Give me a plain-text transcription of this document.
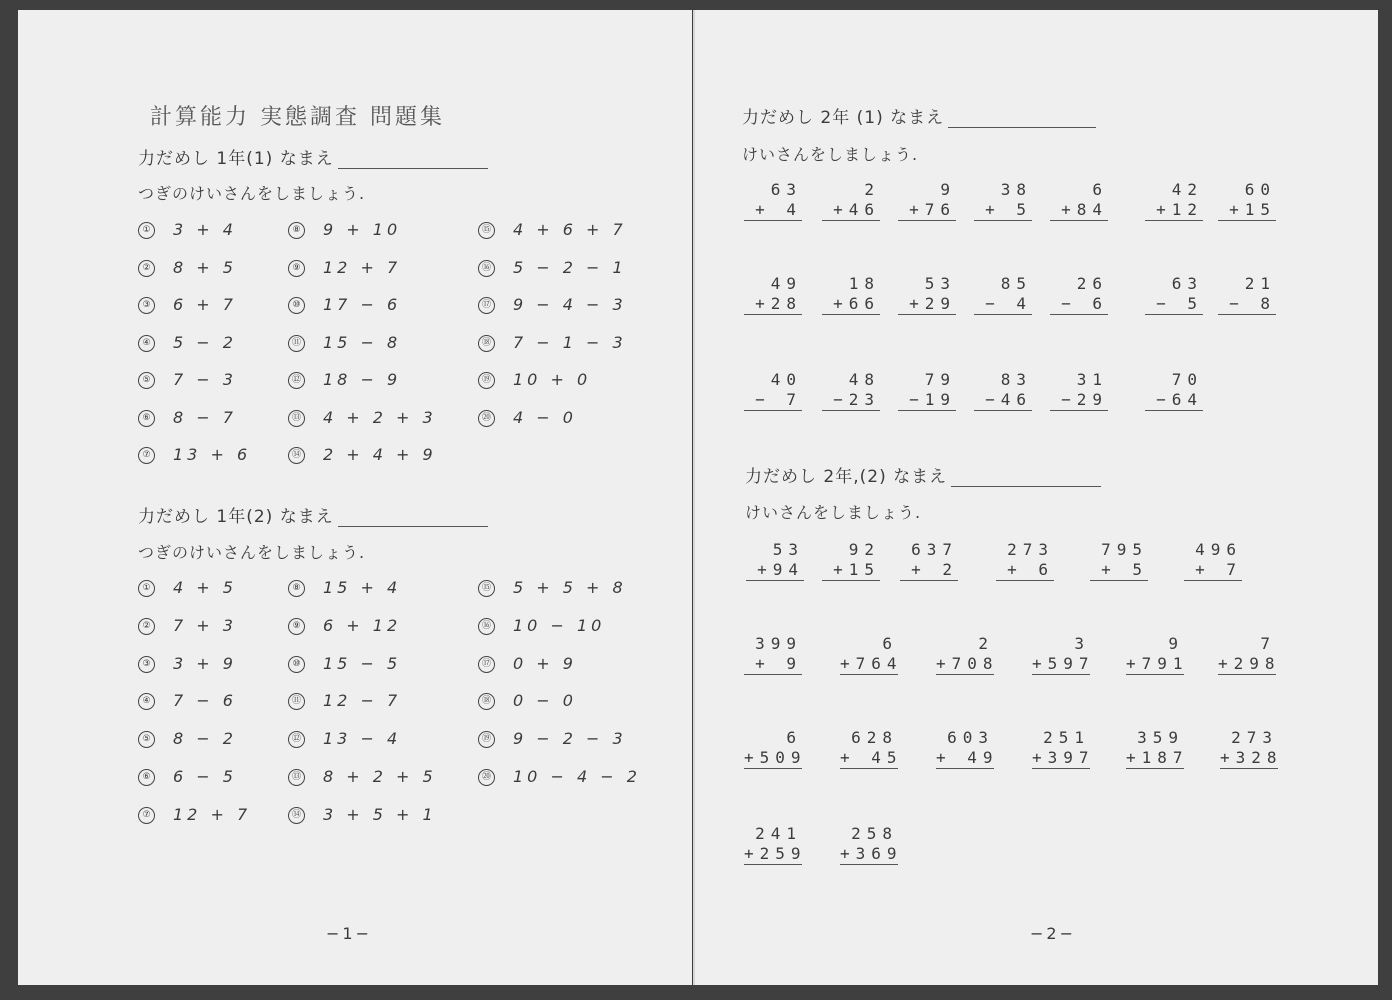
計算能力 実態調査 問題集
力だめし 1年(1) なまえ
つぎのけいさんをしましょう.
① 3 + 4
② 8 + 5
③ 6 + 7
④ 5 − 2
⑤ 7 − 3
⑥ 8 − 7
⑦ 13 + 6
⑧ 9 + 10
⑨ 12 + 7
⑩ 17 − 6
⑪ 15 − 8
⑫ 18 − 9
⑬ 4 + 2 + 3
⑭ 2 + 4 + 9
⑮ 4 + 6 + 7
⑯ 5 − 2 − 1
⑰ 9 − 4 − 3
⑱ 7 − 1 − 3
⑲ 10 + 0
⑳ 4 − 0
力だめし 1年(2) なまえ
つぎのけいさんをしましょう.
① 4 + 5
② 7 + 3
③ 3 + 9
④ 7 − 6
⑤ 8 − 2
⑥ 6 − 5
⑦ 12 + 7
⑧ 15 + 4
⑨ 6 + 12
⑩ 15 − 5
⑪ 12 − 7
⑫ 13 − 4
⑬ 8 + 2 + 5
⑭ 3 + 5 + 1
⑮ 5 + 5 + 8
⑯ 10 − 10
⑰ 0 + 9
⑱ 0 − 0
⑲ 9 − 2 − 3
⑳ 10 − 4 − 2
−1−
力だめし 2年 (1) なまえ
けいさんをしましょう.
63
+ 4
2
+46
9
+76
38
+ 5
6
+84
42
+12
60
+15
49
+28
18
+66
53
+29
85
− 4
26
− 6
63
− 5
21
− 8
40
− 7
48
−23
79
−19
83
−46
31
−29
70
−64
力だめし 2年,(2) なまえ
けいさんをしましょう.
53
+94
92
+15
637
+ 2
273
+ 6
795
+ 5
496
+ 7
399
+ 9
6
+764
2
+708
3
+597
9
+791
7
+298
6
+509
628
+ 45
603
+ 49
251
+397
359
+187
273
+328
241
+259
258
+369
−2−
